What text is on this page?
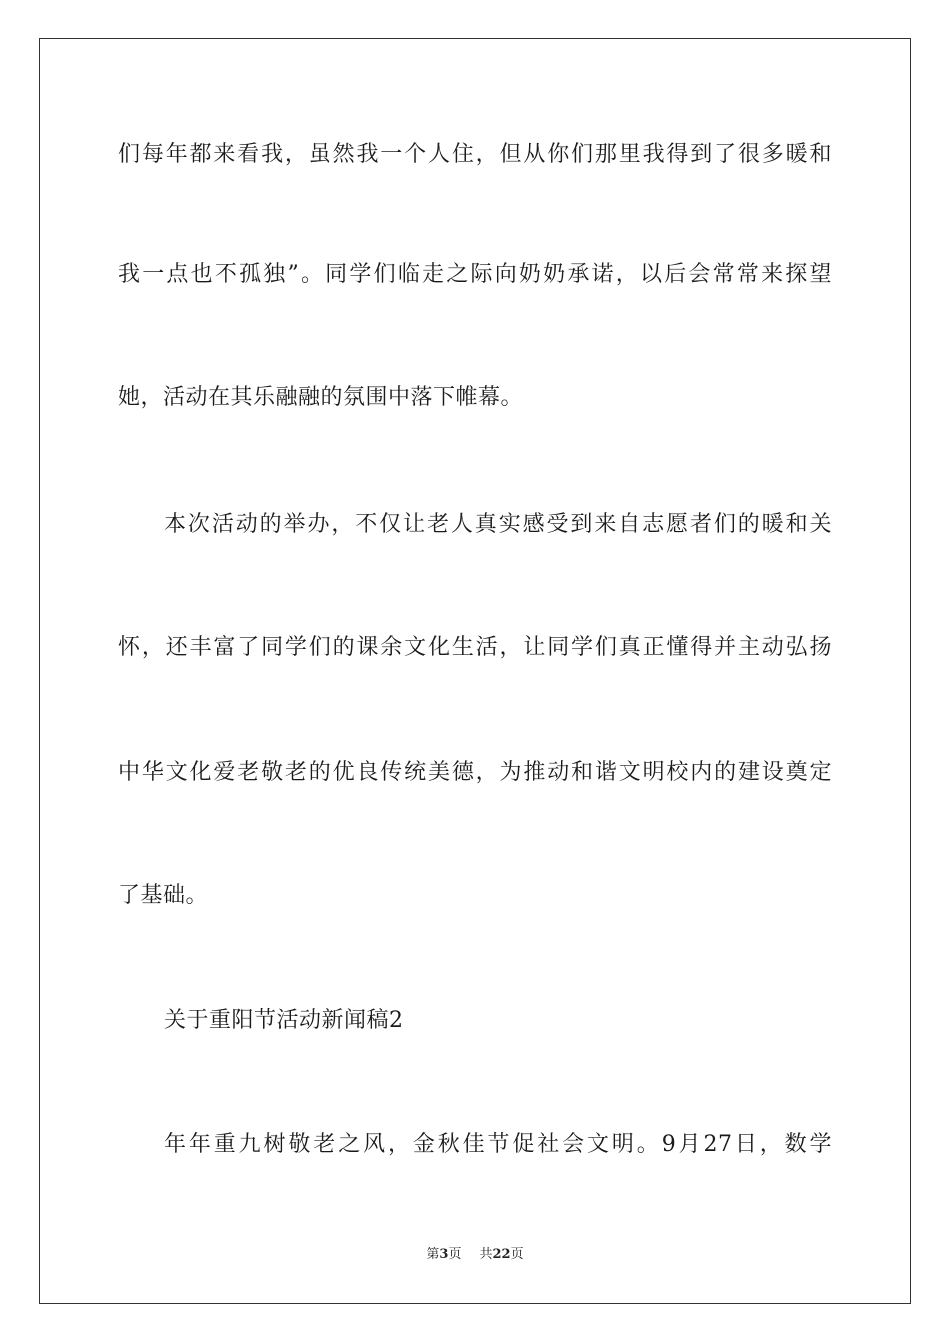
们每年都来看我，虽然我一个人住，但从你们那里我得到了很多暖和
我一点也不孤独”。同学们临走之际向奶奶承诺，以后会常常来探望
她，活动在其乐融融的氛围中落下帷幕。
本次活动的举办，不仅让老人真实感受到来自志愿者们的暖和关
怀，还丰富了同学们的课余文化生活，让同学们真正懂得并主动弘扬
中华文化爱老敬老的优良传统美德，为推动和谐文明校内的建设奠定
了基础。
关于重阳节活动新闻稿2
年年重九树敬老之风，金秋佳节促社会文明。9月27日，数学
第3页 共22页
